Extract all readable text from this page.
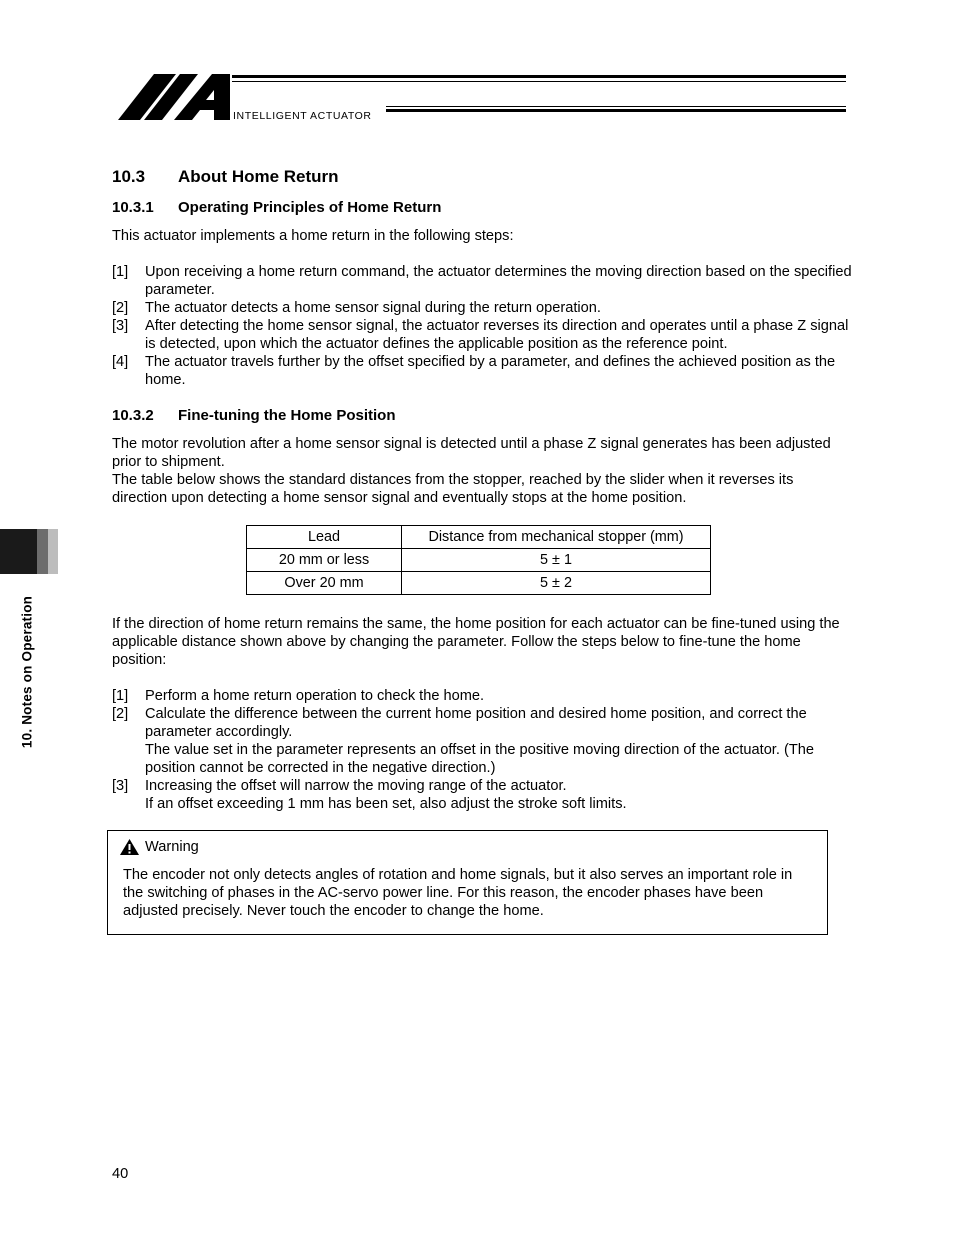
INTELLIGENT ACTUATOR
10. Notes on Operation
10.3 About Home Return
10.3.1 Operating Principles of Home Return

This actuator implements a home return in the following steps:

[1]	Upon receiving a home return command, the actuator determines the moving direction based on the specified parameter.
[2]	The actuator detects a home sensor signal during the return operation.
[3]	After detecting the home sensor signal, the actuator reverses its direction and operates until a phase Z signal is detected, upon which the actuator defines the applicable position as the reference point.
[4]	The actuator travels further by the offset specified by a parameter, and defines the achieved position as the home.
10.3.2 Fine-tuning the Home Position

The motor revolution after a home sensor signal is detected until a phase Z signal generates has been adjusted prior to shipment.

The table below shows the standard distances from the stopper, reached by the slider when it reverses its direction upon detecting a home sensor signal and eventually stops at the home position.

Lead	Distance from mechanical stopper (mm)
20 mm or less	5 ± 1
Over 20 mm	5 ± 2

If the direction of home return remains the same, the home position for each actuator can be fine-tuned using the applicable distance shown above by changing the parameter. Follow the steps below to fine-tune the home position:

[1]	Perform a home return operation to check the home.
[2]	Calculate the difference between the current home position and desired home position, and correct the parameter accordingly.
The value set in the parameter represents an offset in the positive moving direction of the actuator. (The position cannot be corrected in the negative direction.)
[3]	Increasing the offset will narrow the moving range of the actuator.
If an offset exceeding 1 mm has been set, also adjust the stroke soft limits.
Warning
The encoder not only detects angles of rotation and home signals, but it also serves an important role in the switching of phases in the AC-servo power line. For this reason, the encoder phases have been adjusted precisely. Never touch the encoder to change the home.
40
